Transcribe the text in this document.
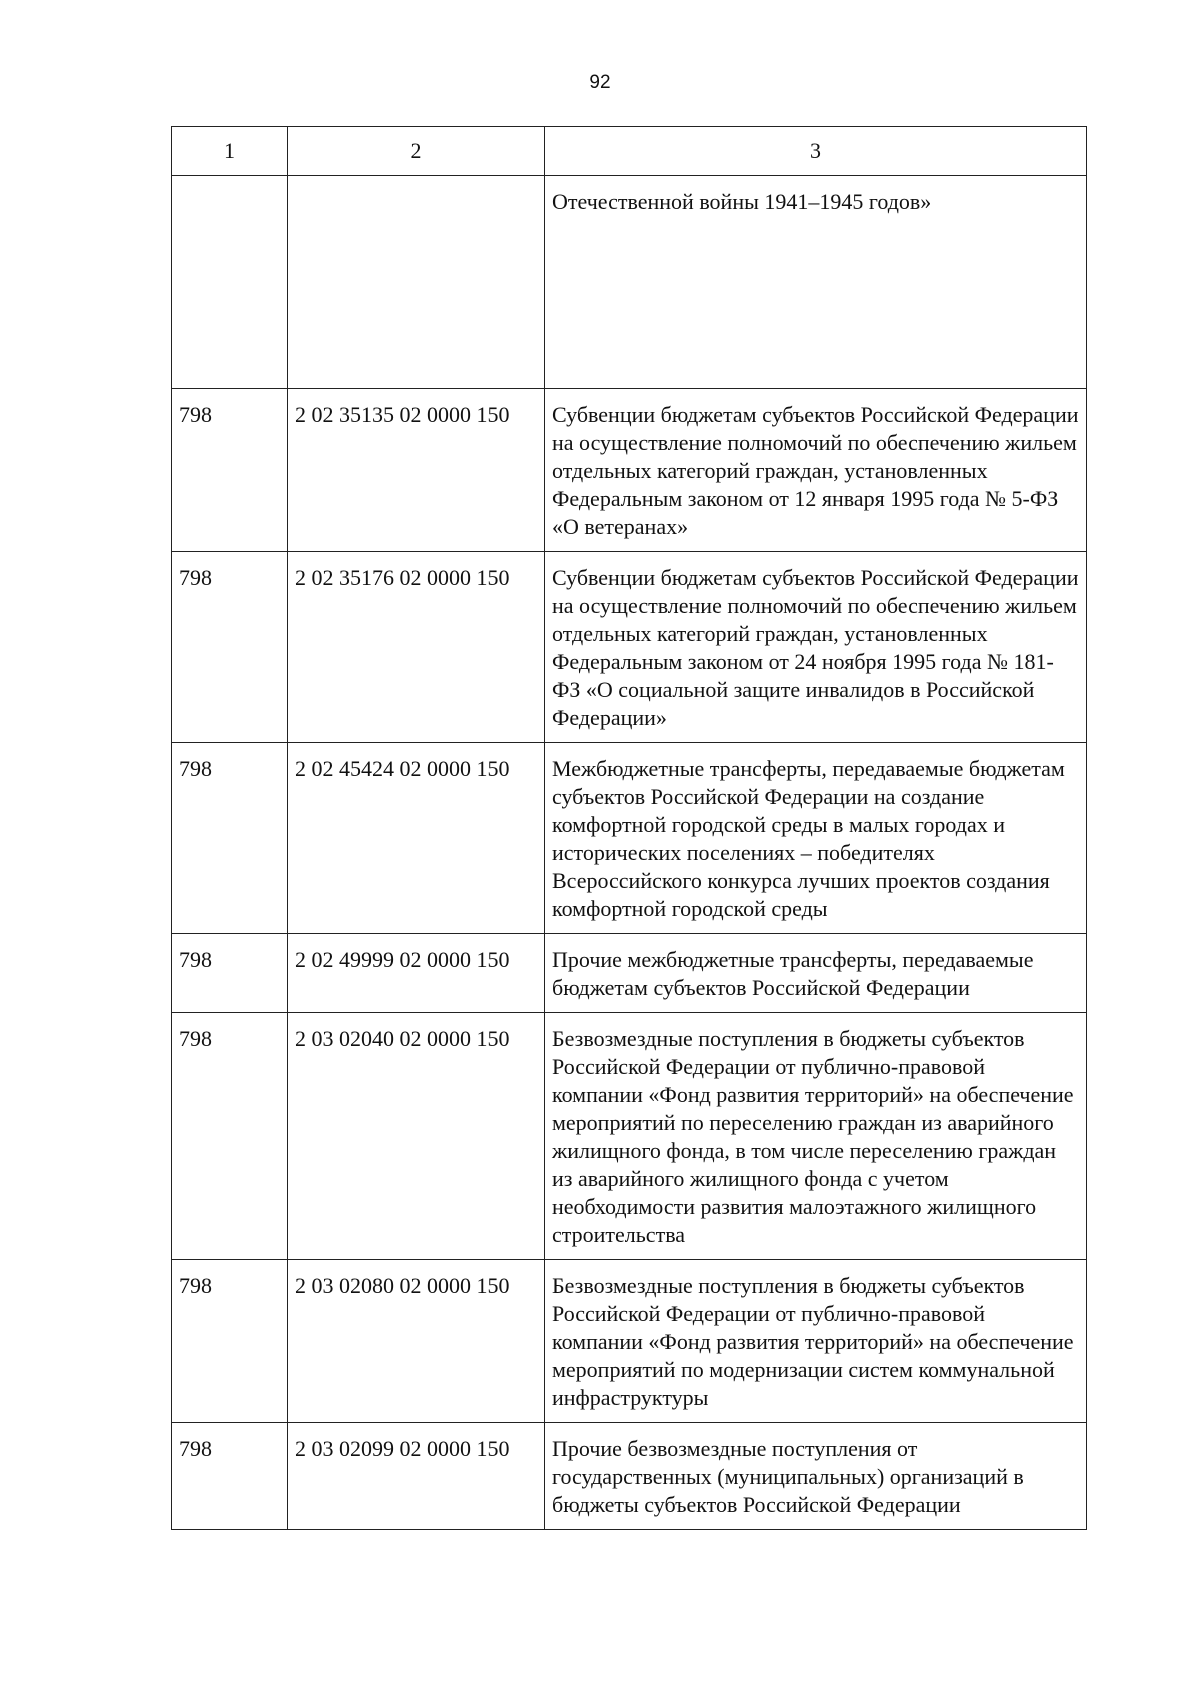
92
1	2	3
		Отечественной войны 1941–1945 годов»
798	2 02 35135 02 0000 150	Субвенции бюджетам субъектов Российской Федерации на осуществление полномочий по обеспечению жильем отдельных категорий граждан, установленных Федеральным законом от 12 января 1995 года № 5-ФЗ «О ветеранах»
798	2 02 35176 02 0000 150	Субвенции бюджетам субъектов Российской Федерации на осуществление полномочий по обеспечению жильем отдельных категорий граждан, установленных Федеральным законом от 24 ноября 1995 года № 181-ФЗ «О социальной защите инвалидов в Российской Федерации»
798	2 02 45424 02 0000 150	Межбюджетные трансферты, передаваемые бюджетам субъектов Российской Федерации на создание комфортной городской среды в малых городах и исторических поселениях – победителях Всероссийского конкурса лучших проектов создания комфортной городской среды
798	2 02 49999 02 0000 150	Прочие межбюджетные трансферты, передаваемые бюджетам субъектов Российской Федерации
798	2 03 02040 02 0000 150	Безвозмездные поступления в бюджеты субъектов Российской Федерации от публично-правовой компании «Фонд развития территорий» на обеспечение мероприятий по переселению граждан из аварийного жилищного фонда, в том числе переселению граждан из аварийного жилищного фонда с учетом необходимости развития малоэтажного жилищного строительства
798	2 03 02080 02 0000 150	Безвозмездные поступления в бюджеты субъектов Российской Федерации от публично-правовой компании «Фонд развития территорий» на обеспечение мероприятий по модернизации систем коммунальной инфраструктуры
798	2 03 02099 02 0000 150	Прочие безвозмездные поступления от государственных (муниципальных) организаций в бюджеты субъектов Российской Федерации
